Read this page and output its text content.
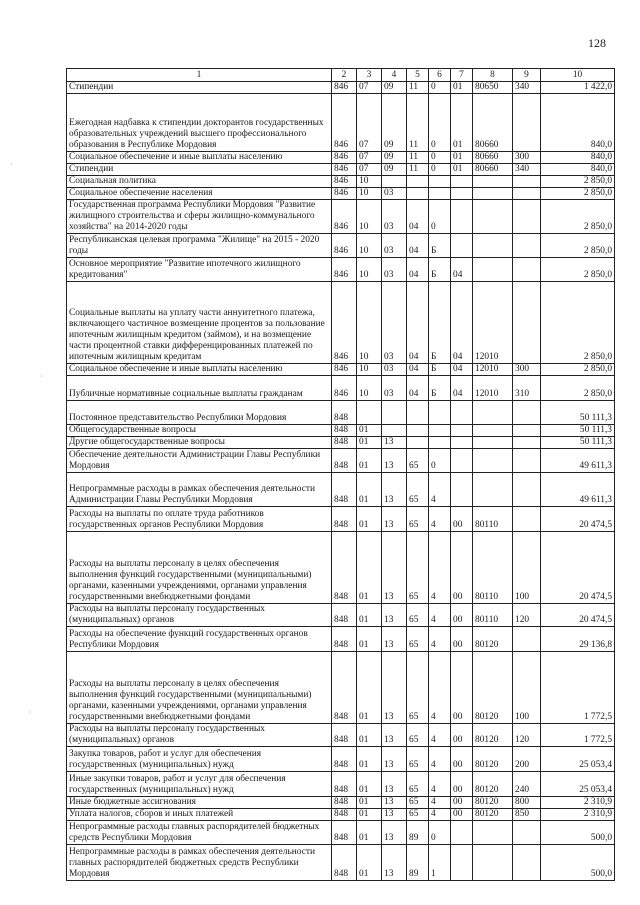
128
1	2	3	4	5	6	7	8	9	10
Стипендии	846	07	09	11	0	01	80650	340	1 422,0
Ежегодная надбавка к стипендии докторантов государственных образовательных учреждений высшего профессионального образования в Республике Мордовия	846	07	09	11	0	01	80660		840,0
Социальное обеспечение и иные выплаты населению	846	07	09	11	0	01	80660	300	840,0
Стипендии	846	07	09	11	0	01	80660	340	840,0
Социальная политика	846	10							2 850,0
Социальное обеспечение населения	846	10	03						2 850,0
Государственная программа Республики Мордовия "Развитие жилищного строительства и сферы жилищно-коммунального хозяйства" на 2014-2020 годы	846	10	03	04	0				2 850,0
Республиканская целевая программа "Жилище" на 2015 - 2020 годы	846	10	03	04	Б				2 850,0
Основное мероприятие "Развитие ипотечного жилищного кредитования"	846	10	03	04	Б	04			2 850,0
Социальные выплаты на уплату части аннуитетного платежа, включающего частичное возмещение процентов за пользование ипотечным жилищным кредитом (займом), и на возмещение части процентной ставки дифференцированных платежей по ипотечным жилищным кредитам	846	10	03	04	Б	04	12010		2 850,0
Социальное обеспечение и иные выплаты населению	846	10	03	04	Б	04	12010	300	2 850,0
Публичные нормативные социальные выплаты гражданам	846	10	03	04	Б	04	12010	310	2 850,0
Постоянное представительство Республики Мордовия	848								50 111,3
Общегосударственные вопросы	848	01							50 111,3
Другие общегосударственные вопросы	848	01	13						50 111,3
Обеспечение деятельности Администрации Главы Республики Мордовия	848	01	13	65	0				49 611,3
Непрограммные расходы в рамках обеспечения деятельности Администрации Главы Республики Мордовия	848	01	13	65	4				49 611,3
Расходы на выплаты по оплате труда работников государственных органов Республики Мордовия	848	01	13	65	4	00	80110		20 474,5
Расходы на выплаты персоналу в целях обеспечения выполнения функций государственными (муниципальными) органами, казенными учреждениями, органами управления государственными внебюджетными фондами	848	01	13	65	4	00	80110	100	20 474,5
Расходы на выплаты персоналу государственных (муниципальных) органов	848	01	13	65	4	00	80110	120	20 474,5
Расходы на обеспечение функций государственных органов Республики Мордовия	848	01	13	65	4	00	80120		29 136,8
Расходы на выплаты персоналу в целях обеспечения выполнения функций государственными (муниципальными) органами, казенными учреждениями, органами управления государственными внебюджетными фондами	848	01	13	65	4	00	80120	100	1 772,5
Расходы на выплаты персоналу государственных (муниципальных) органов	848	01	13	65	4	00	80120	120	1 772,5
Закупка товаров, работ и услуг для обеспечения государственных (муниципальных) нужд	848	01	13	65	4	00	80120	200	25 053,4
Иные закупки товаров, работ и услуг для обеспечения государственных (муниципальных) нужд	848	01	13	65	4	00	80120	240	25 053,4
Иные бюджетные ассигнования	848	01	13	65	4	00	80120	800	2 310,9
Уплата налогов, сборов и иных платежей	848	01	13	65	4	00	80120	850	2 310,9
Непрограммные расходы главных распорядителей бюджетных средств Республики Мордовия	848	01	13	89	0				500,0
Непрограммные расходы в рамках обеспечения деятельности главных распорядителей бюджетных средств Республики Мордовия	848	01	13	89	1				500,0
·
·
·
